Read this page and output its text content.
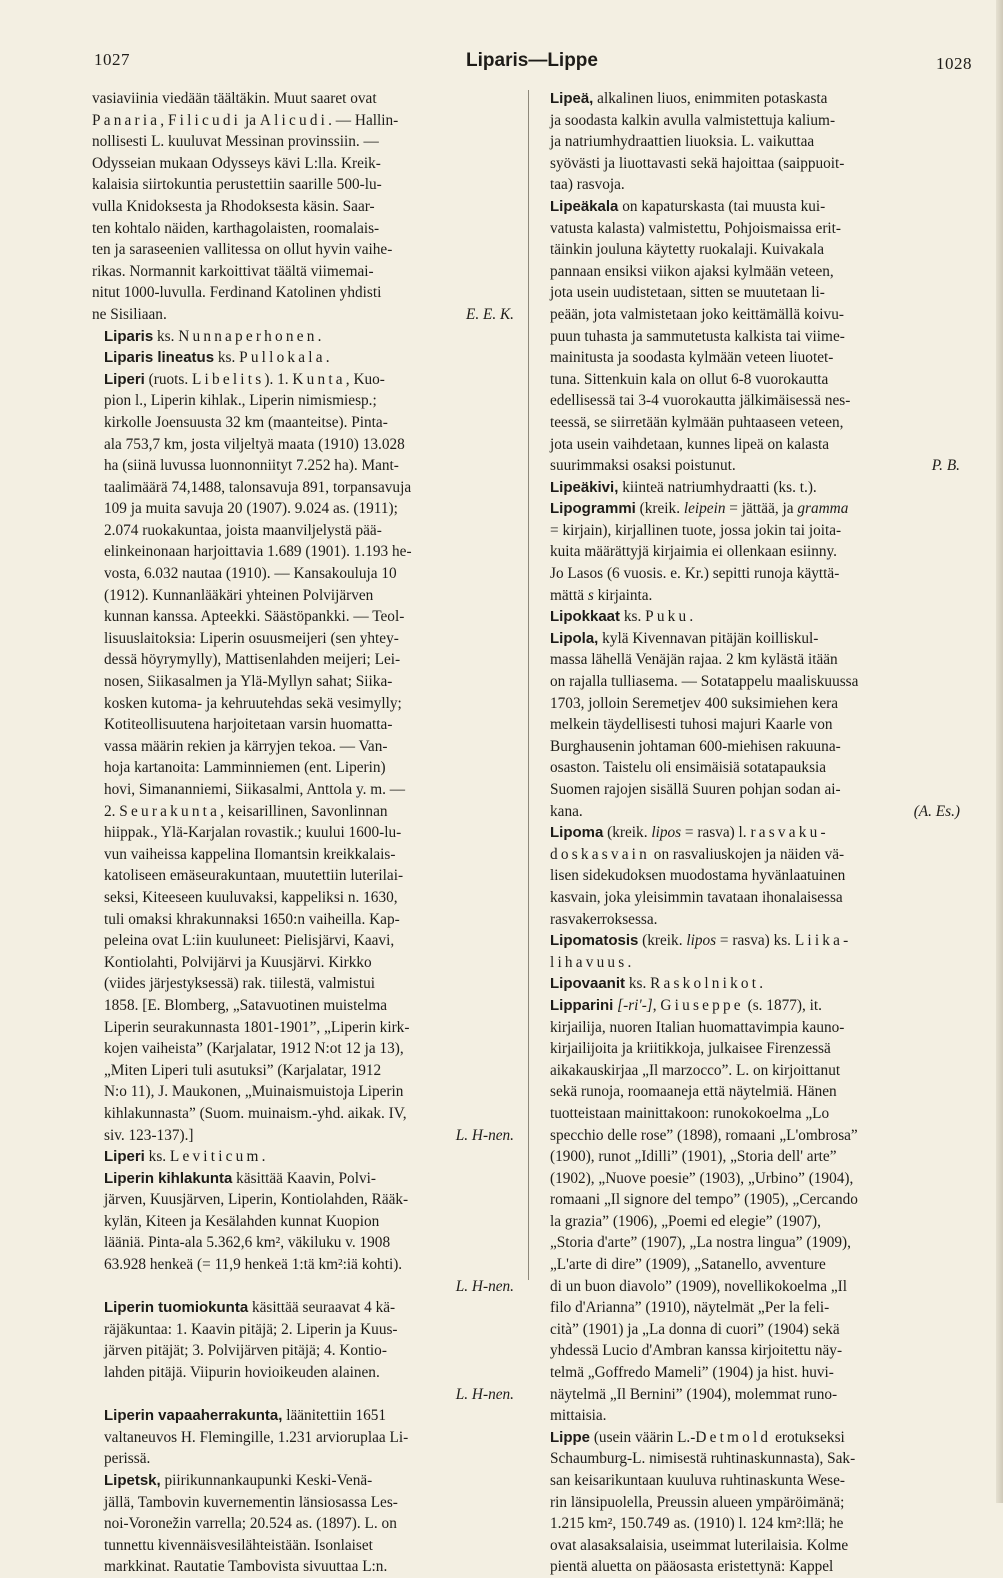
1027	Liparis—Lippe	1028
vasiaviinia viedään täältäkin. Muut saaret ovat
Panaria, Filicudi ja Alicudi. — Hallin-
nollisesti L. kuuluvat Messinan provinssiin. —
Odysseian mukaan Odysseys kävi L:lla. Kreik-
kalaisia siirtokuntia perustettiin saarille 500-lu-
vulla Knidoksesta ja Rhodoksesta käsin. Saar-
ten kohtalo näiden, karthagolaisten, roomalais-
ten ja saraseenien vallitessa on ollut hyvin vaihe-
rikas. Normannit karkoittivat täältä viimemai-
nitut 1000-luvulla. Ferdinand Katolinen yhdisti
ne Sisiliaan.	E. E. K.
Liparis ks. Nunnaperhonen.
Liparis lineatus ks. Pullokala.
Liperi (ruots. Libelits). 1. Kunta, Kuo-
pion l., Liperin kihlak., Liperin nimismiesp.;
kirkolle Joensuusta 32 km (maanteitse). Pinta-
ala 753,7 km, josta viljeltyä maata (1910) 13.028
ha (siinä luvussa luonnonniityt 7.252 ha). Mant-
taalimäärä 74,1488, talonsavuja 891, torpansavuja
109 ja muita savuja 20 (1907). 9.024 as. (1911);
2.074 ruokakuntaa, joista maanviljelystä pää-
elinkeinonaan harjoittavia 1.689 (1901). 1.193 he-
vosta, 6.032 nautaa (1910). — Kansakouluja 10
(1912). Kunnanlääkäri yhteinen Polvijärven
kunnan kanssa. Apteekki. Säästöpankki. — Teol-
lisuuslaitoksia: Liperin osuusmeijeri (sen yhtey-
dessä höyrymylly), Mattisenlahden meijeri; Lei-
nosen, Siikasalmen ja Ylä-Myllyn sahat; Siika-
kosken kutoma- ja kehruutehdas sekä vesimylly;
Kotiteollisuutena harjoitetaan varsin huomatta-
vassa määrin rekien ja kärryjen tekoa. — Van-
hoja kartanoita: Lamminniemen (ent. Liperin)
hovi, Simananniemi, Siikasalmi, Anttola y. m. —
2. Seurakunta, keisarillinen, Savonlinnan
hiippak., Ylä-Karjalan rovastik.; kuului 1600-lu-
vun vaiheissa kappelina Ilomantsin kreikkalais-
katoliseen emäseurakuntaan, muutettiin luterilai-
seksi, Kiteeseen kuuluvaksi, kappeliksi n. 1630,
tuli omaksi khrakunnaksi 1650:n vaiheilla. Kap-
peleina ovat L:iin kuuluneet: Pielisjärvi, Kaavi,
Kontiolahti, Polvijärvi ja Kuusjärvi. Kirkko
(viides järjestyksessä) rak. tiilestä, valmistui
1858. [E. Blomberg, „Satavuotinen muistelma
Liperin seurakunnasta 1801-1901”, „Liperin kirk-
kojen vaiheista” (Karjalatar, 1912 N:ot 12 ja 13),
„Miten Liperi tuli asutuksi” (Karjalatar, 1912
N:o 11), J. Maukonen, „Muinaismuistoja Liperin
kihlakunnasta” (Suom. muinaism.-yhd. aikak. IV,
siv. 123-137).]	L. H-nen.
Liperi ks. Leviticum.
Liperin kihlakunta käsittää Kaavin, Polvi-
järven, Kuusjärven, Liperin, Kontiolahden, Rääk-
kylän, Kiteen ja Kesälahden kunnat Kuopion
lääniä. Pinta-ala 5.362,6 km², väkiluku v. 1908
63.928 henkeä (= 11,9 henkeä 1:tä km²:iä kohti).
L. H-nen.
Liperin tuomiokunta käsittää seuraavat 4 kä-
räjäkuntaa: 1. Kaavin pitäjä; 2. Liperin ja Kuus-
järven pitäjät; 3. Polvijärven pitäjä; 4. Kontio-
lahden pitäjä. Viipurin hovioikeuden alainen.
L. H-nen.
Liperin vapaaherrakunta, läänitettiin 1651
valtaneuvos H. Flemingille, 1.231 arvioruplaa Li-
perissä.
Lipetsk, piirikunnankaupunki Keski-Venä-
jällä, Tambovin kuvernementin länsiosassa Les-
noi-Voronežin varrella; 20.524 as. (1897). L. on
tunnettu kivennäisvesilähteistään. Isonlaiset
markkinat. Rautatie Tambovista sivuuttaa L:n.
Lipeä, alkalinen liuos, enimmiten potaskasta
ja soodasta kalkin avulla valmistettuja kalium-
ja natriumhydraattien liuoksia. L. vaikuttaa
syövästi ja liuottavasti sekä hajoittaa (saippuoit-
taa) rasvoja.
Lipeäkala on kapaturskasta (tai muusta kui-
vatusta kalasta) valmistettu, Pohjoismaissa erit-
täinkin jouluna käytetty ruokalaji. Kuivakala
pannaan ensiksi viikon ajaksi kylmään veteen,
jota usein uudistetaan, sitten se muutetaan li-
peään, jota valmistetaan joko keittämällä koivu-
puun tuhasta ja sammutetusta kalkista tai viime-
mainitusta ja soodasta kylmään veteen liuotet-
tuna. Sittenkuin kala on ollut 6-8 vuorokautta
edellisessä tai 3-4 vuorokautta jälkimäisessä nes-
teessä, se siirretään kylmään puhtaaseen veteen,
jota usein vaihdetaan, kunnes lipeä on kalasta
suurimmaksi osaksi poistunut.	P. B.
Lipeäkivi, kiinteä natriumhydraatti (ks. t.).
Lipogrammi (kreik. leipein = jättää, ja gramma
= kirjain), kirjallinen tuote, jossa jokin tai joita-
kuita määrättyjä kirjaimia ei ollenkaan esiinny.
Jo Lasos (6 vuosis. e. Kr.) sepitti runoja käyttä-
mättä s kirjainta.
Lipokkaat ks. Puku.
Lipola, kylä Kivennavan pitäjän koilliskul-
massa lähellä Venäjän rajaa. 2 km kylästä itään
on rajalla tulliasema. — Sotatappelu maaliskuussa
1703, jolloin Seremetjev 400 suksimiehen kera
melkein täydellisesti tuhosi majuri Kaarle von
Burghausenin johtaman 600-miehisen rakuuna-
osaston. Taistelu oli ensimäisiä sotatapauksia
Suomen rajojen sisällä Suuren pohjan sodan ai-
kana.	(A. Es.)
Lipoma (kreik. lipos = rasva) l. rasvaku-
doskasvain on rasvaliuskojen ja näiden vä-
lisen sidekudoksen muodostama hyvänlaatuinen
kasvain, joka yleisimmin tavataan ihonalaisessa
rasvakerroksessa.
Lipomatosis (kreik. lipos = rasva) ks. Liika-
lihavuus.
Lipovaanit ks. Raskolnikot.
Lipparini [-ri'-], Giuseppe (s. 1877), it.
kirjailija, nuoren Italian huomattavimpia kauno-
kirjailijoita ja kriitikkoja, julkaisee Firenzessä
aikakauskirjaa „Il marzocco”. L. on kirjoittanut
sekä runoja, roomaaneja että näytelmiä. Hänen
tuotteistaan mainittakoon: runokokoelma „Lo
specchio delle rose” (1898), romaani „L'ombrosa”
(1900), runot „Idilli” (1901), „Storia dell' arte”
(1902), „Nuove poesie” (1903), „Urbino” (1904),
romaani „Il signore del tempo” (1905), „Cercando
la grazia” (1906), „Poemi ed elegie” (1907),
„Storia d'arte” (1907), „La nostra lingua” (1909),
„L'arte di dire” (1909), „Satanello, avventure
di un buon diavolo” (1909), novellikokoelma „Il
filo d'Arianna” (1910), näytelmät „Per la feli-
cità” (1901) ja „La donna di cuori” (1904) sekä
yhdessä Lucio d'Ambran kanssa kirjoitettu näy-
telmä „Goffredo Mameli” (1904) ja hist. huvi-
näytelmä „Il Bernini” (1904), molemmat runo-
mittaisia.
Lippe (usein väärin L.-Detmold erotukseksi
Schaumburg-L. nimisestä ruhtinaskunnasta), Sak-
san keisarikuntaan kuuluva ruhtinaskunta Wese-
rin länsipuolella, Preussin alueen ympäröimänä;
1.215 km², 150.749 as. (1910) l. 124 km²:llä; he
ovat alasaksalaisia, useimmat luterilaisia. Kolme
pientä aluetta on pääosasta eristettynä: Kappel
